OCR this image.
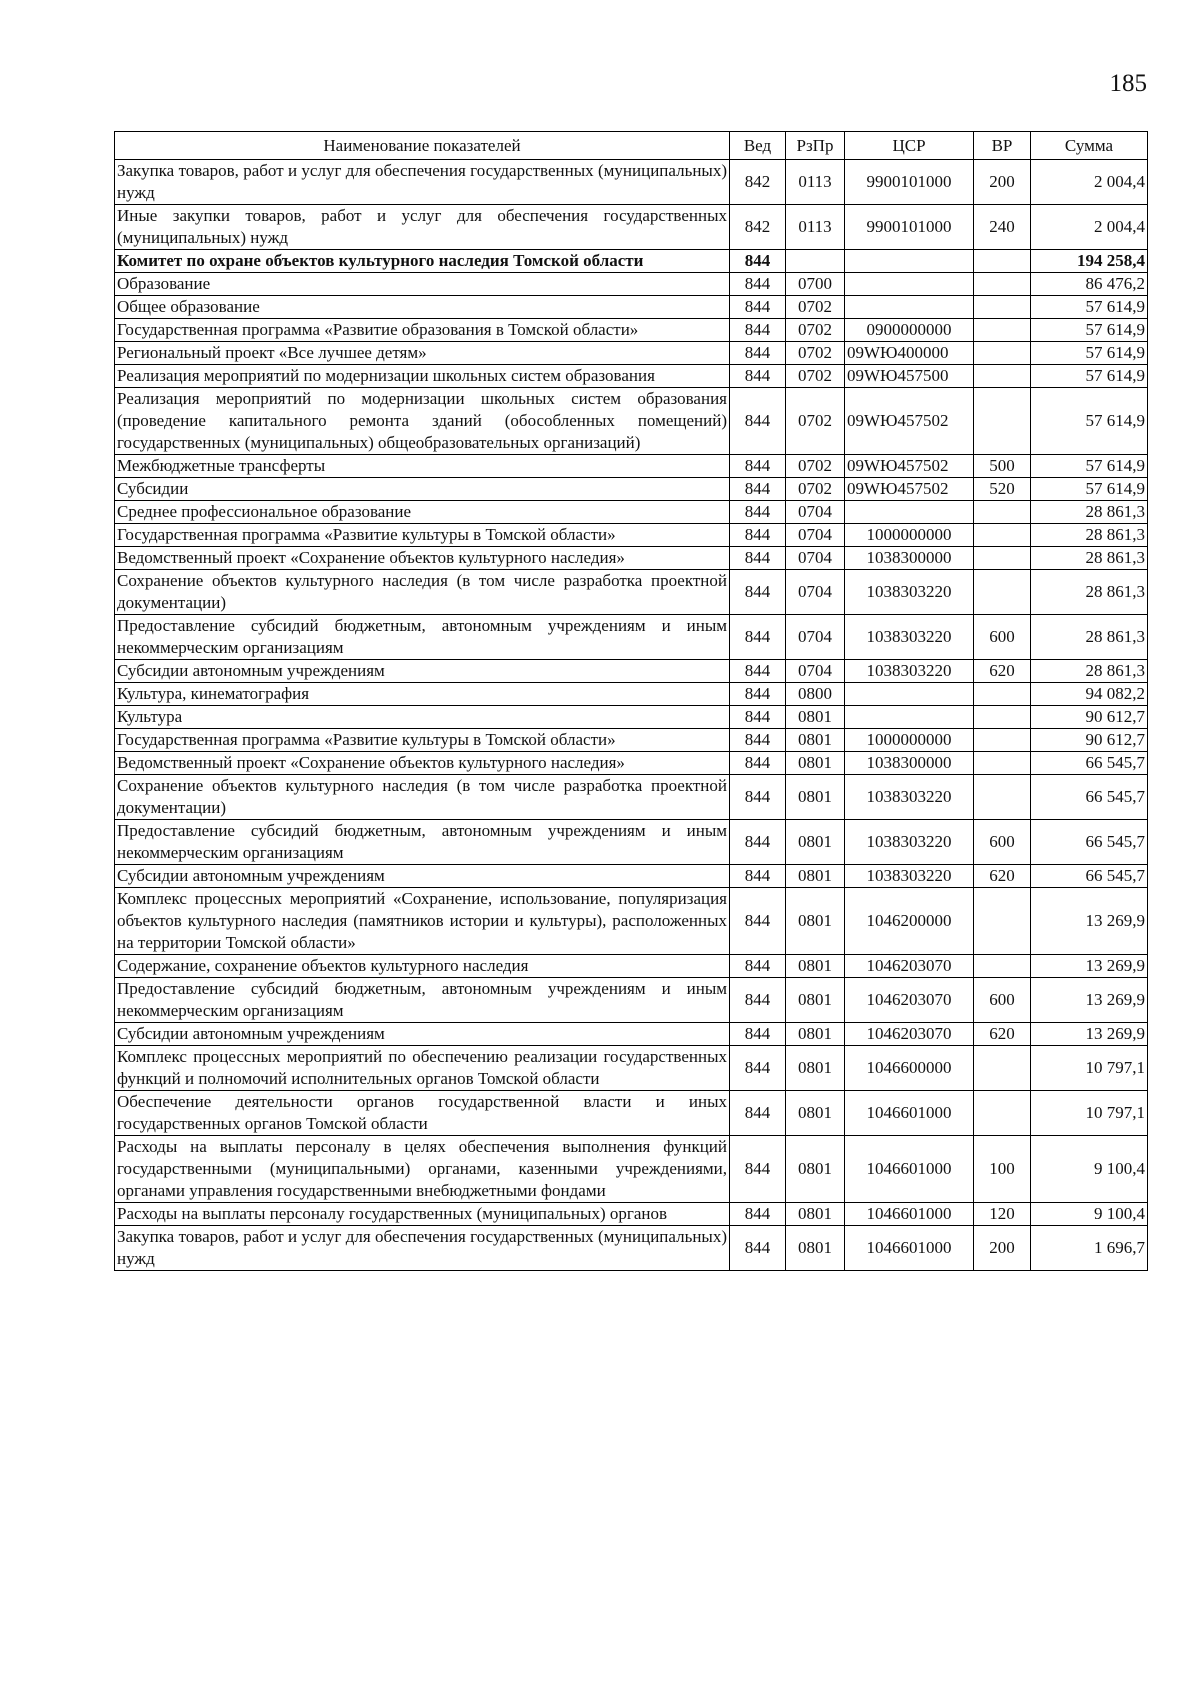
185
Наименование показателей	Вед	РзПр	ЦСР	ВР	Сумма
Закупка товаров, работ и услуг для обеспечения государственных (муниципальных) нужд	842	0113	9900101000	200	2 004,4
Иные закупки товаров, работ и услуг для обеспечения государственных (муниципальных) нужд	842	0113	9900101000	240	2 004,4
Комитет по охране объектов культурного наследия Томской области	844				194 258,4
Образование	844	0700			86 476,2
Общее образование	844	0702			57 614,9
Государственная программа «Развитие образования в Томской области»	844	0702	0900000000		57 614,9
Региональный проект «Все лучшее детям»	844	0702	09WЮ400000		57 614,9
Реализация мероприятий по модернизации школьных систем образования	844	0702	09WЮ457500		57 614,9
Реализация мероприятий по модернизации школьных систем образования (проведение капитального ремонта зданий (обособленных помещений) государственных (муниципальных) общеобразовательных организаций)	844	0702	09WЮ457502		57 614,9
Межбюджетные трансферты	844	0702	09WЮ457502	500	57 614,9
Субсидии	844	0702	09WЮ457502	520	57 614,9
Среднее профессиональное образование	844	0704			28 861,3
Государственная программа «Развитие культуры в Томской области»	844	0704	1000000000		28 861,3
Ведомственный проект «Сохранение объектов культурного наследия»	844	0704	1038300000		28 861,3
Сохранение объектов культурного наследия (в том числе разработка проектной документации)	844	0704	1038303220		28 861,3
Предоставление субсидий бюджетным, автономным учреждениям и иным некоммерческим организациям	844	0704	1038303220	600	28 861,3
Субсидии автономным учреждениям	844	0704	1038303220	620	28 861,3
Культура, кинематография	844	0800			94 082,2
Культура	844	0801			90 612,7
Государственная программа «Развитие культуры в Томской области»	844	0801	1000000000		90 612,7
Ведомственный проект «Сохранение объектов культурного наследия»	844	0801	1038300000		66 545,7
Сохранение объектов культурного наследия (в том числе разработка проектной документации)	844	0801	1038303220		66 545,7
Предоставление субсидий бюджетным, автономным учреждениям и иным некоммерческим организациям	844	0801	1038303220	600	66 545,7
Субсидии автономным учреждениям	844	0801	1038303220	620	66 545,7
Комплекс процессных мероприятий «Сохранение, использование, популяризация объектов культурного наследия (памятников истории и культуры), расположенных на территории Томской области»	844	0801	1046200000		13 269,9
Содержание, сохранение объектов культурного наследия	844	0801	1046203070		13 269,9
Предоставление субсидий бюджетным, автономным учреждениям и иным некоммерческим организациям	844	0801	1046203070	600	13 269,9
Субсидии автономным учреждениям	844	0801	1046203070	620	13 269,9
Комплекс процессных мероприятий по обеспечению реализации государственных функций и полномочий исполнительных органов Томской области	844	0801	1046600000		10 797,1
Обеспечение деятельности органов государственной власти и иных государственных органов Томской области	844	0801	1046601000		10 797,1
Расходы на выплаты персоналу в целях обеспечения выполнения функций государственными (муниципальными) органами, казенными учреждениями, органами управления государственными внебюджетными фондами	844	0801	1046601000	100	9 100,4
Расходы на выплаты персоналу государственных (муниципальных) органов	844	0801	1046601000	120	9 100,4
Закупка товаров, работ и услуг для обеспечения государственных (муниципальных) нужд	844	0801	1046601000	200	1 696,7
